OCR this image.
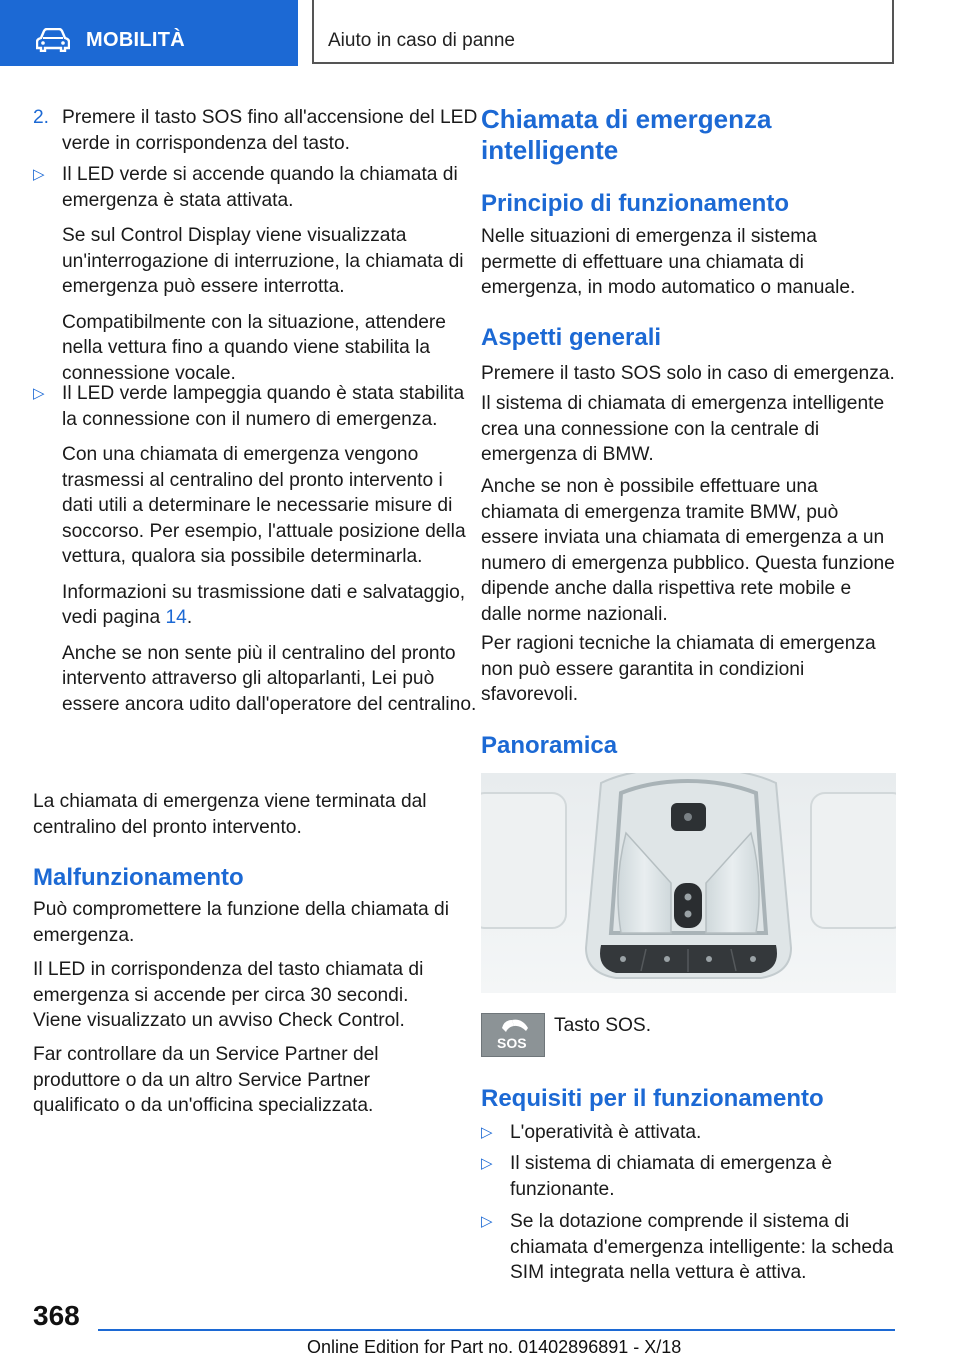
MOBILITÀ	Aiuto in caso di panne
2. Premere il tasto SOS fino all'accensione del LED verde in corrispondenza del tasto.

▷ Il LED verde si accende quando la chiamata di emergenza è stata attivata.

Se sul Control Display viene visualizzata un'interrogazione di interruzione, la chiamata di emergenza può essere interrotta.

Compatibilmente con la situazione, attendere nella vettura fino a quando viene stabilita la connessione vocale.

▷ Il LED verde lampeggia quando è stata stabilita la connessione con il numero di emergenza.

Con una chiamata di emergenza vengono trasmessi al centralino del pronto intervento i dati utili a determinare le necessarie misure di soccorso. Per esempio, l'attuale posizione della vettura, qualora sia possibile determinarla.

Informazioni su trasmissione dati e salvataggio, vedi pagina 14.

Anche se non sente più il centralino del pronto intervento attraverso gli altoparlanti, Lei può essere ancora udito dall'operatore del centralino.

La chiamata di emergenza viene terminata dal centralino del pronto intervento.

Malfunzionamento

Può compromettere la funzione della chiamata di emergenza.

Il LED in corrispondenza del tasto chiamata di emergenza si accende per circa 30 secondi. Viene visualizzato un avviso Check Control.

Far controllare da un Service Partner del produttore o da un altro Service Partner qualificato o da un'officina specializzata.

Chiamata di emergenza intelligente
Principio di funzionamento

Nelle situazioni di emergenza il sistema permette di effettuare una chiamata di emergenza, in modo automatico o manuale.

Aspetti generali

Premere il tasto SOS solo in caso di emergenza.

Il sistema di chiamata di emergenza intelligente crea una connessione con la centrale di emergenza di BMW.

Anche se non è possibile effettuare una chiamata di emergenza tramite BMW, può essere inviata una chiamata di emergenza a un numero di emergenza pubblico. Questa funzione dipende anche dalla rispettiva rete mobile e dalle norme nazionali.

Per ragioni tecniche la chiamata di emergenza non può essere garantita in condizioni sfavorevoli.

Panoramica
SOS

Tasto SOS.

Requisiti per il funzionamento
▷ L'operatività è attivata.

▷ Il sistema di chiamata di emergenza è funzionante.

▷ Se la dotazione comprende il sistema di chiamata d'emergenza intelligente: la scheda SIM integrata nella vettura è attiva.

368
Online Edition for Part no. 01402896891 - X/18
